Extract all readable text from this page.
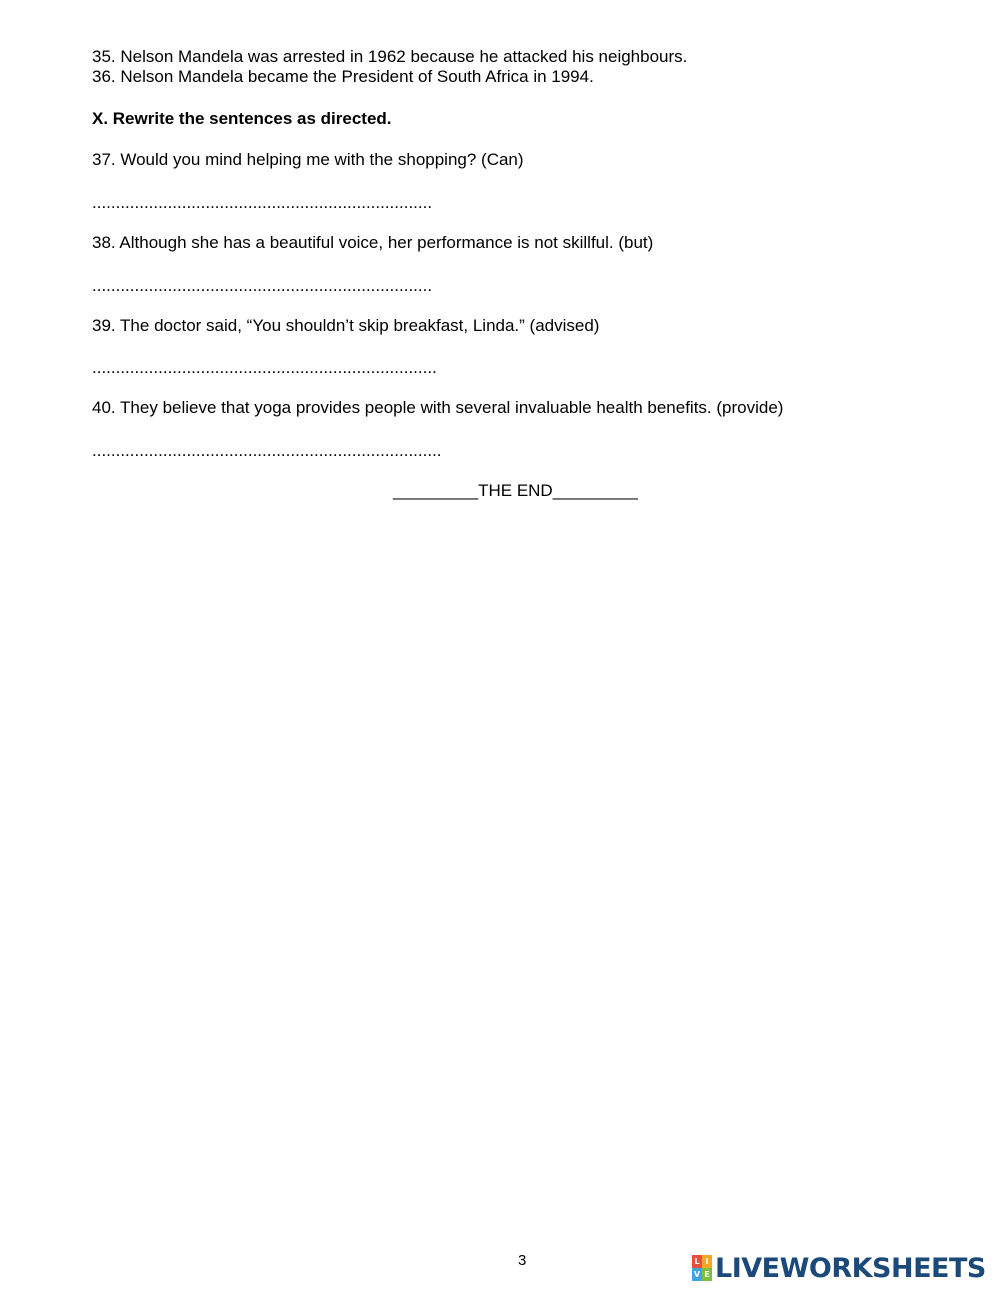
35. Nelson Mandela was arrested in 1962 because he attacked his neighbours.
36. Nelson Mandela became the President of South Africa in 1994.
X. Rewrite the sentences as directed.
37. Would you mind helping me with the shopping? (Can)
........................................................................
38. Although she has a beautiful voice, her performance is not skillful. (but)
........................................................................
39. The doctor said, “You shouldn’t skip breakfast, Linda.” (advised)
.........................................................................
40. They believe that yoga provides people with several invaluable health benefits. (provide)
..........................................................................
_________THE END_________
3	L I
V E LIVEWORKSHEETS
